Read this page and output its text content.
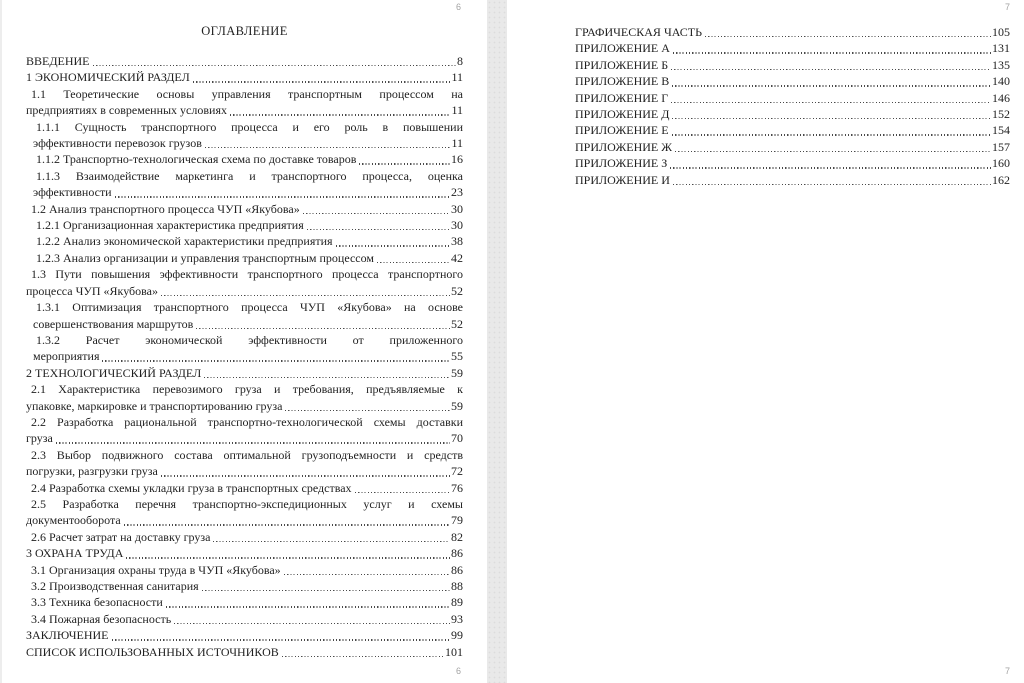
6
ОГЛАВЛЕНИЕ
ВВЕДЕНИЕ	8
1 ЭКОНОМИЧЕСКИЙ РАЗДЕЛ	11
1.1 Теоретические основы управления транспортным процессом на
предприятиях в современных условиях	11
1.1.1 Сущность транспортного процесса и его роль в повышении
эффективности перевозок грузов	11
1.1.2 Транспортно-технологическая схема по доставке товаров	16
1.1.3 Взаимодействие маркетинга и транспортного процесса, оценка
эффективности	23
1.2 Анализ транспортного процесса ЧУП «Якубова»	30
1.2.1 Организационная характеристика предприятия	30
1.2.2 Анализ экономической характеристики предприятия	38
1.2.3 Анализ организации и управления транспортным процессом	42
1.3 Пути повышения эффективности транспортного процесса транспортного
процесса ЧУП «Якубова»	52
1.3.1 Оптимизация транспортного процесса ЧУП «Якубова» на основе
совершенствования маршрутов	52
1.3.2 Расчет экономической эффективности от приложенного
мероприятия	55
2 ТЕХНОЛОГИЧЕСКИЙ РАЗДЕЛ	59
2.1 Характеристика перевозимого груза и требования, предъявляемые к
упаковке, маркировке и транспортированию груза	59
2.2 Разработка рациональной транспортно-технологической схемы доставки
груза	70
2.3 Выбор подвижного состава оптимальной грузоподъемности и средств
погрузки, разгрузки груза	72
2.4 Разработка схемы укладки груза в транспортных средствах	76
2.5 Разработка перечня транспортно-экспедиционных услуг и схемы
документооборота	79
2.6 Расчет затрат на доставку груза	82
3 ОХРАНА ТРУДА	86
3.1 Организация охраны труда в ЧУП «Якубова»	86
3.2 Производственная санитария	88
3.3 Техника безопасности	89
3.4 Пожарная безопасность	93
ЗАКЛЮЧЕНИЕ	99
СПИСОК ИСПОЛЬЗОВАННЫХ ИСТОЧНИКОВ	101
6
7
ГРАФИЧЕСКАЯ ЧАСТЬ	105
ПРИЛОЖЕНИЕ А	131
ПРИЛОЖЕНИЕ Б	135
ПРИЛОЖЕНИЕ В	140
ПРИЛОЖЕНИЕ Г	146
ПРИЛОЖЕНИЕ Д	152
ПРИЛОЖЕНИЕ Е	154
ПРИЛОЖЕНИЕ Ж	157
ПРИЛОЖЕНИЕ З	160
ПРИЛОЖЕНИЕ И	162
7
